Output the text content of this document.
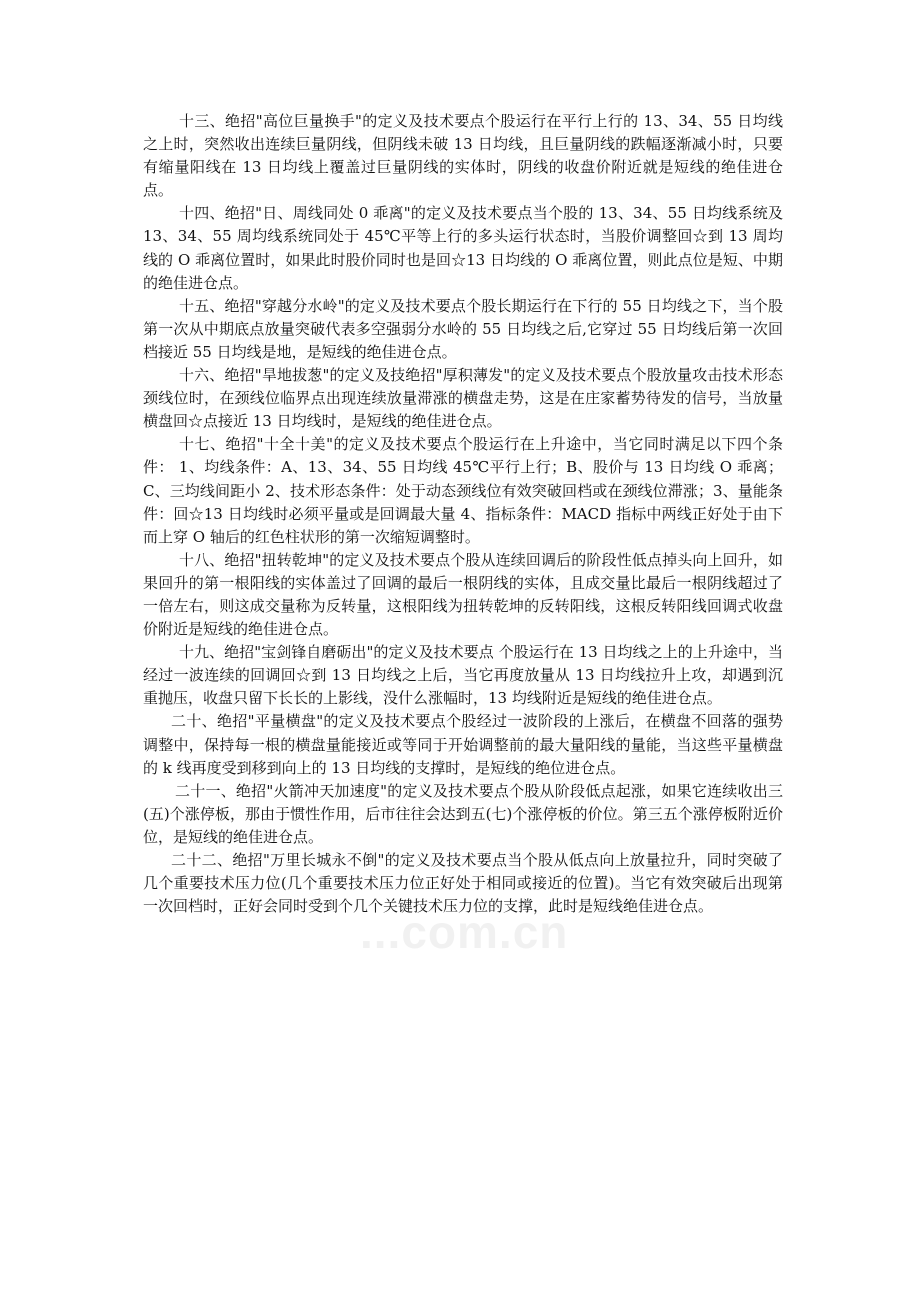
十三、绝招"高位巨量换手"的定义及技术要点个股运行在平行上行的 13、34、55 日均线之上时，突然收出连续巨量阴线，但阴线未破 13 日均线，且巨量阴线的跌幅逐渐减小时，只要有缩量阳线在 13 日均线上覆盖过巨量阴线的实体时，阴线的收盘价附近就是短线的绝佳进仓点。

十四、绝招"日、周线同处 0 乖离"的定义及技术要点当个股的 13、34、55 日均线系统及 13、34、55 周均线系统同处于 45℃平等上行的多头运行状态时，当股价调整回☆到 13 周均线的 O 乖离位置时，如果此时股价同时也是回☆13 日均线的 O 乖离位置，则此点位是短、中期的绝佳进仓点。

十五、绝招"穿越分水岭"的定义及技术要点个股长期运行在下行的 55 日均线之下，当个股第一次从中期底点放量突破代表多空强弱分水岭的 55 日均线之后,它穿过 55 日均线后第一次回档接近 55 日均线是地，是短线的绝佳进仓点。

十六、绝招"旱地拔葱"的定义及技绝招"厚积薄发"的定义及技术要点个股放量攻击技术形态颈线位时，在颈线位临界点出现连续放量滞涨的横盘走势，这是在庄家蓄势待发的信号，当放量横盘回☆点接近 13 日均线时，是短线的绝佳进仓点。

十七、绝招"十全十美"的定义及技术要点个股运行在上升途中，当它同时满足以下四个条件： 1、均线条件：A、13、34、55 日均线 45℃平行上行；B、股价与 13 日均线 O 乖离；C、三均线间距小 2、技术形态条件：处于动态颈线位有效突破回档或在颈线位滞涨；3、量能条件：回☆13 日均线时必须平量或是回调最大量 4、指标条件：MACD 指标中两线正好处于由下而上穿 O 轴后的红色柱状形的第一次缩短调整时。

十八、绝招"扭转乾坤"的定义及技术要点个股从连续回调后的阶段性低点掉头向上回升，如果回升的第一根阳线的实体盖过了回调的最后一根阴线的实体，且成交量比最后一根阴线超过了一倍左右，则这成交量称为反转量，这根阳线为扭转乾坤的反转阳线，这根反转阳线回调式收盘价附近是短线的绝佳进仓点。

十九、绝招"宝剑锋自磨砺出"的定义及技术要点 个股运行在 13 日均线之上的上升途中，当经过一波连续的回调回☆到 13 日均线之上后，当它再度放量从 13 日均线拉升上攻，却遇到沉重抛压，收盘只留下长长的上影线，没什么涨幅时，13 均线附近是短线的绝佳进仓点。

二十、绝招"平量横盘"的定义及技术要点个股经过一波阶段的上涨后，在横盘不回落的强势调整中，保持每一根的横盘量能接近或等同于开始调整前的最大量阳线的量能，当这些平量横盘的 k 线再度受到移到向上的 13 日均线的支撑时，是短线的绝位进仓点。

二十一、绝招"火箭冲天加速度"的定义及技术要点个股从阶段低点起涨，如果它连续收出三(五)个涨停板，那由于惯性作用，后市往往会达到五(七)个涨停板的价位。第三五个涨停板附近价位，是短线的绝佳进仓点。

二十二、绝招"万里长城永不倒"的定义及技术要点当个股从低点向上放量拉升，同时突破了几个重要技术压力位(几个重要技术压力位正好处于相同或接近的位置)。当它有效突破后出现第一次回档时，正好会同时受到个几个关键技术压力位的支撑，此时是短线绝佳进仓点。

...com.cn
